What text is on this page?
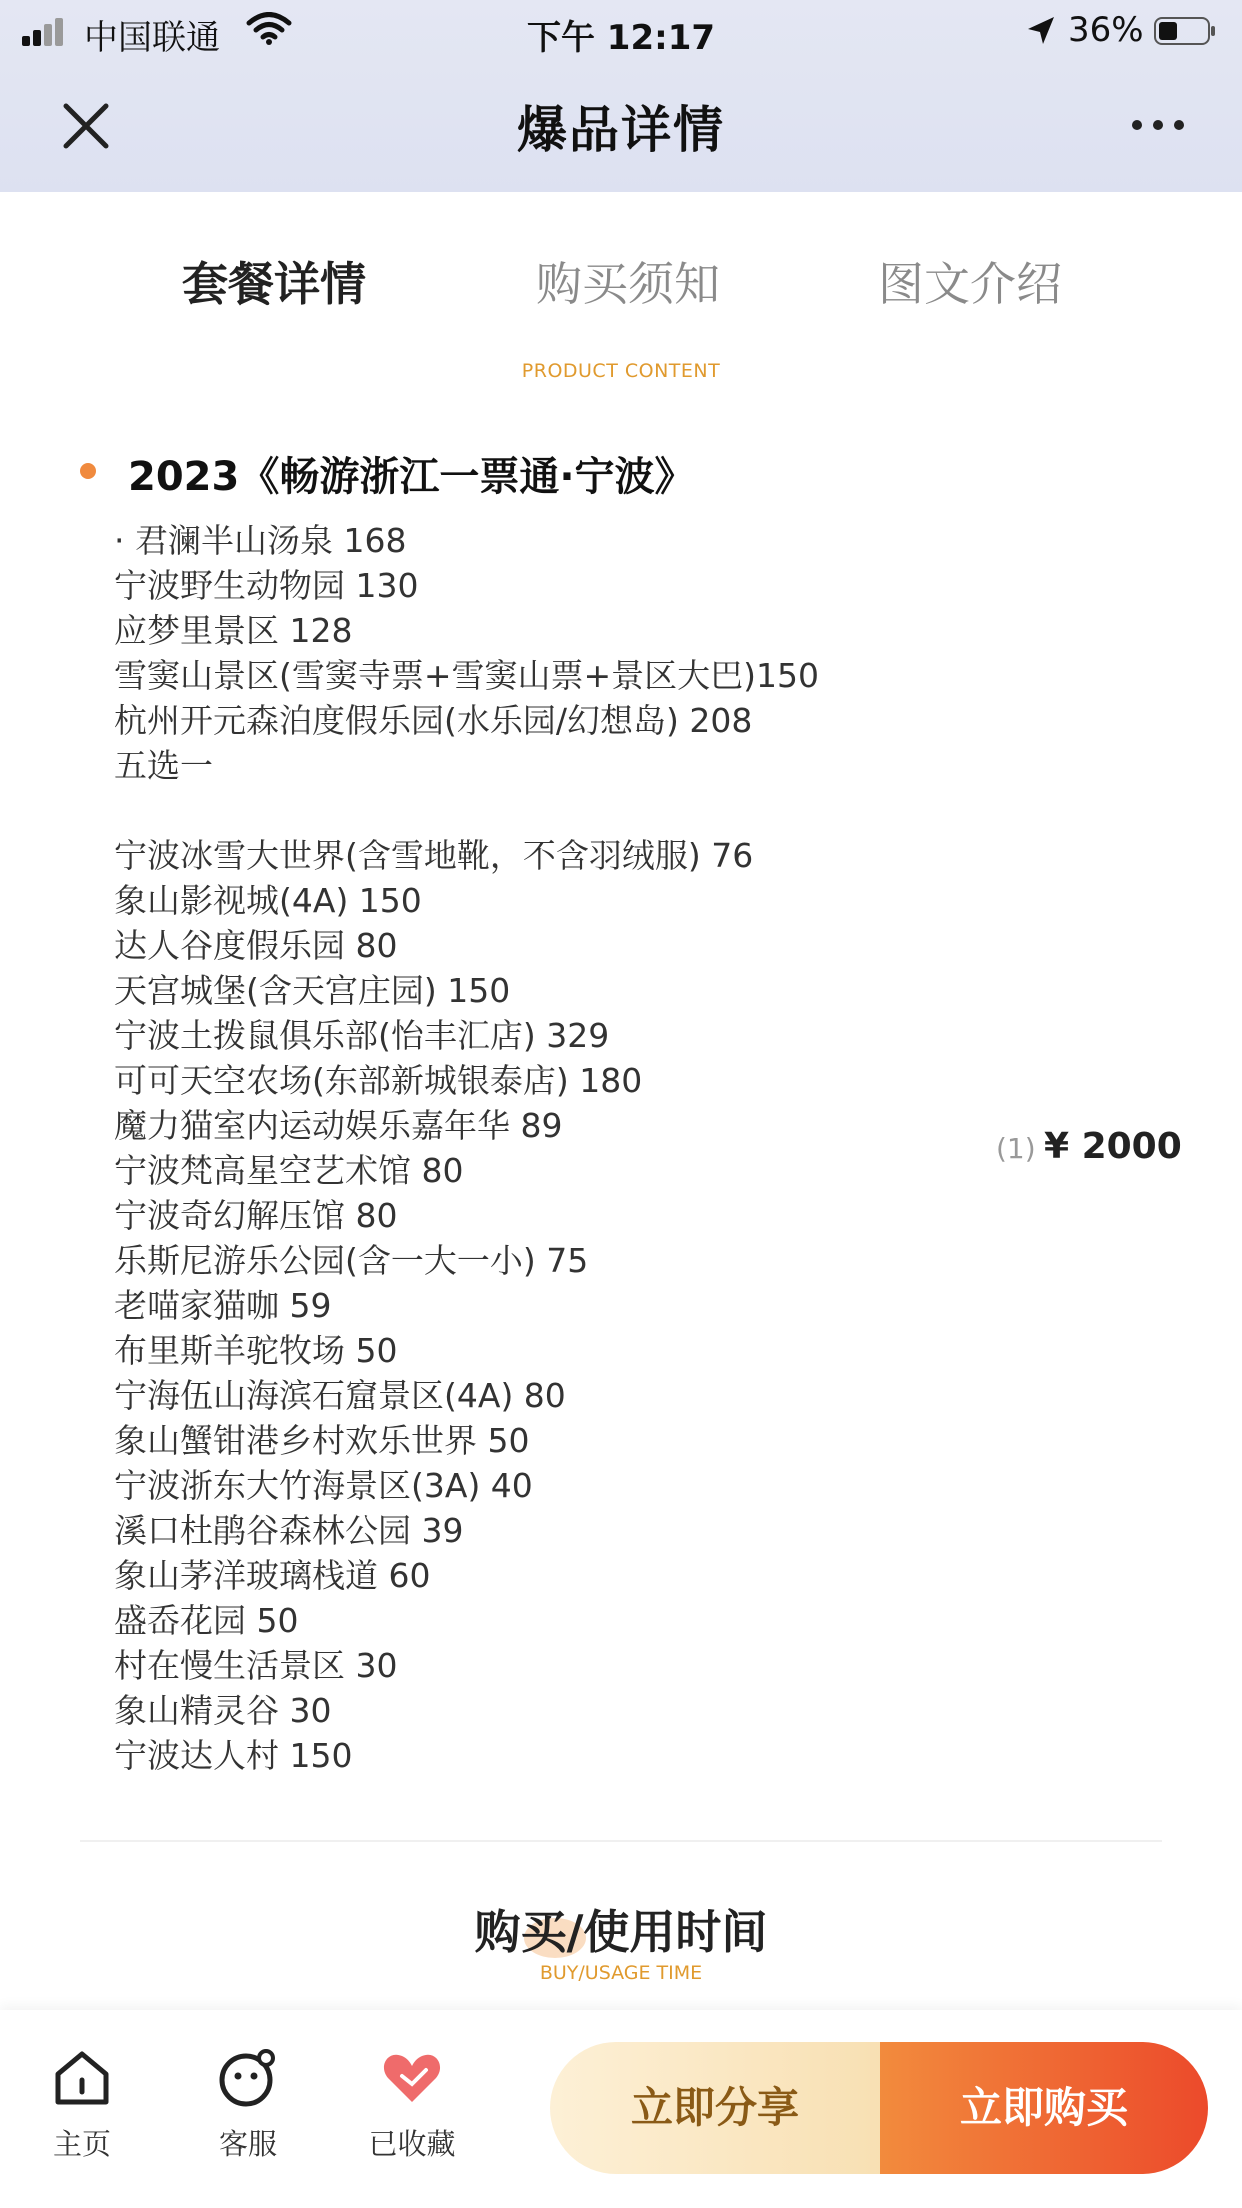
中国联通	下午 12:17	36%
爆品详情
套餐详情	购买须知	图文介绍
PRODUCT CONTENT
2023《畅游浙江一票通·宁波》
· 君澜半山汤泉 168
宁波野生动物园 130
应梦里景区 128
雪窦山景区(雪窦寺票+雪窦山票+景区大巴)150
杭州开元森泊度假乐园(水乐园/幻想岛) 208
五选一
宁波冰雪大世界(含雪地靴，不含羽绒服) 76
象山影视城(4A) 150
达人谷度假乐园 80
天宫城堡(含天宫庄园) 150
宁波土拨鼠俱乐部(怡丰汇店) 329
可可天空农场(东部新城银泰店) 180
魔力猫室内运动娱乐嘉年华 89
宁波梵高星空艺术馆 80
宁波奇幻解压馆 80
乐斯尼游乐公园(含一大一小) 75
老喵家猫咖 59
布里斯羊驼牧场 50
宁海伍山海滨石窟景区(4A) 80
象山蟹钳港乡村欢乐世界 50
宁波浙东大竹海景区(3A) 40
溪口杜鹃谷森林公园 39
象山茅洋玻璃栈道 60
盛岙花园 50
村在慢生活景区 30
象山精灵谷 30
宁波达人村 150
(1) ¥ 2000
购买/使用时间
BUY/USAGE TIME
主页	客服	已收藏
立即分享	立即购买
